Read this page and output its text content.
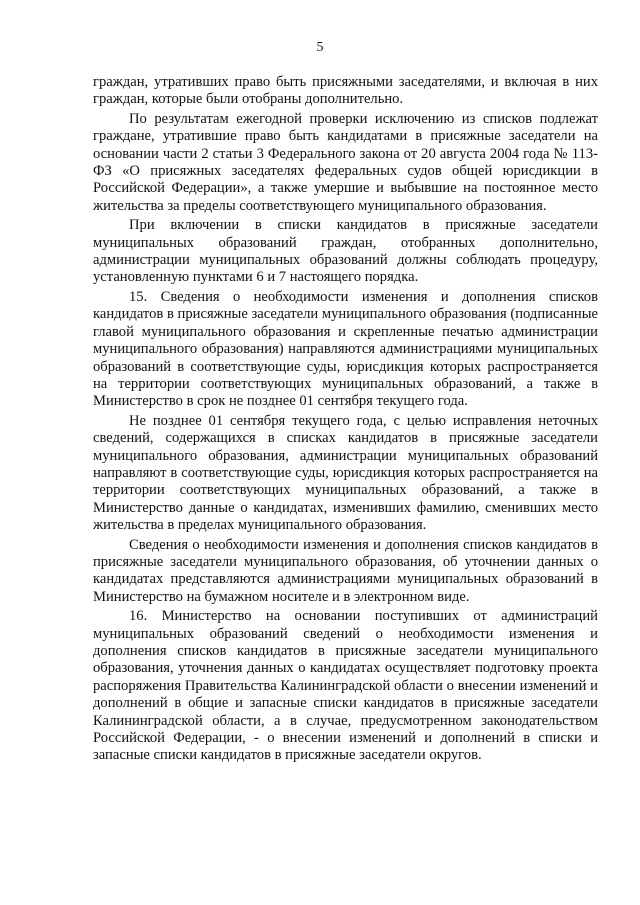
5

граждан, утративших право быть присяжными заседателями, и включая в них граждан, которые были отобраны дополнительно.

По результатам ежегодной проверки исключению из списков подлежат граждане, утратившие право быть кандидатами в присяжные заседатели на основании части 2 статьи 3 Федерального закона от 20 августа 2004 года № 113-ФЗ «О присяжных заседателях федеральных судов общей юрисдикции в Российской Федерации», а также умершие и выбывшие на постоянное место жительства за пределы соответствующего муниципального образования.

При включении в списки кандидатов в присяжные заседатели муниципальных образований граждан, отобранных дополнительно, администрации муниципальных образований должны соблюдать процедуру, установленную пунктами 6 и 7 настоящего порядка.

15. Сведения о необходимости изменения и дополнения списков кандидатов в присяжные заседатели муниципального образования (подписанные главой муниципального образования и скрепленные печатью администрации муниципального образования) направляются администрациями муниципальных образований в соответствующие суды, юрисдикция которых распространяется на территории соответствующих муниципальных образований, а также в Министерство в срок не позднее 01 сентября текущего года.

Не позднее 01 сентября текущего года, с целью исправления неточных сведений, содержащихся в списках кандидатов в присяжные заседатели муниципального образования, администрации муниципальных образований направляют в соответствующие суды, юрисдикция которых распространяется на территории соответствующих муниципальных образований, а также в Министерство данные о кандидатах, изменивших фамилию, сменивших место жительства в пределах муниципального образования.

Сведения о необходимости изменения и дополнения списков кандидатов в присяжные заседатели муниципального образования, об уточнении данных о кандидатах представляются администрациями муниципальных образований в Министерство на бумажном носителе и в электронном виде.

16. Министерство на основании поступивших от администраций муниципальных образований сведений о необходимости изменения и дополнения списков кандидатов в присяжные заседатели муниципального образования, уточнения данных о кандидатах осуществляет подготовку проекта распоряжения Правительства Калининградской области о внесении изменений и дополнений в общие и запасные списки кандидатов в присяжные заседатели Калининградской области, а в случае, предусмотренном законодательством Российской Федерации, - о внесении изменений и дополнений в списки и запасные списки кандидатов в присяжные заседатели округов.
